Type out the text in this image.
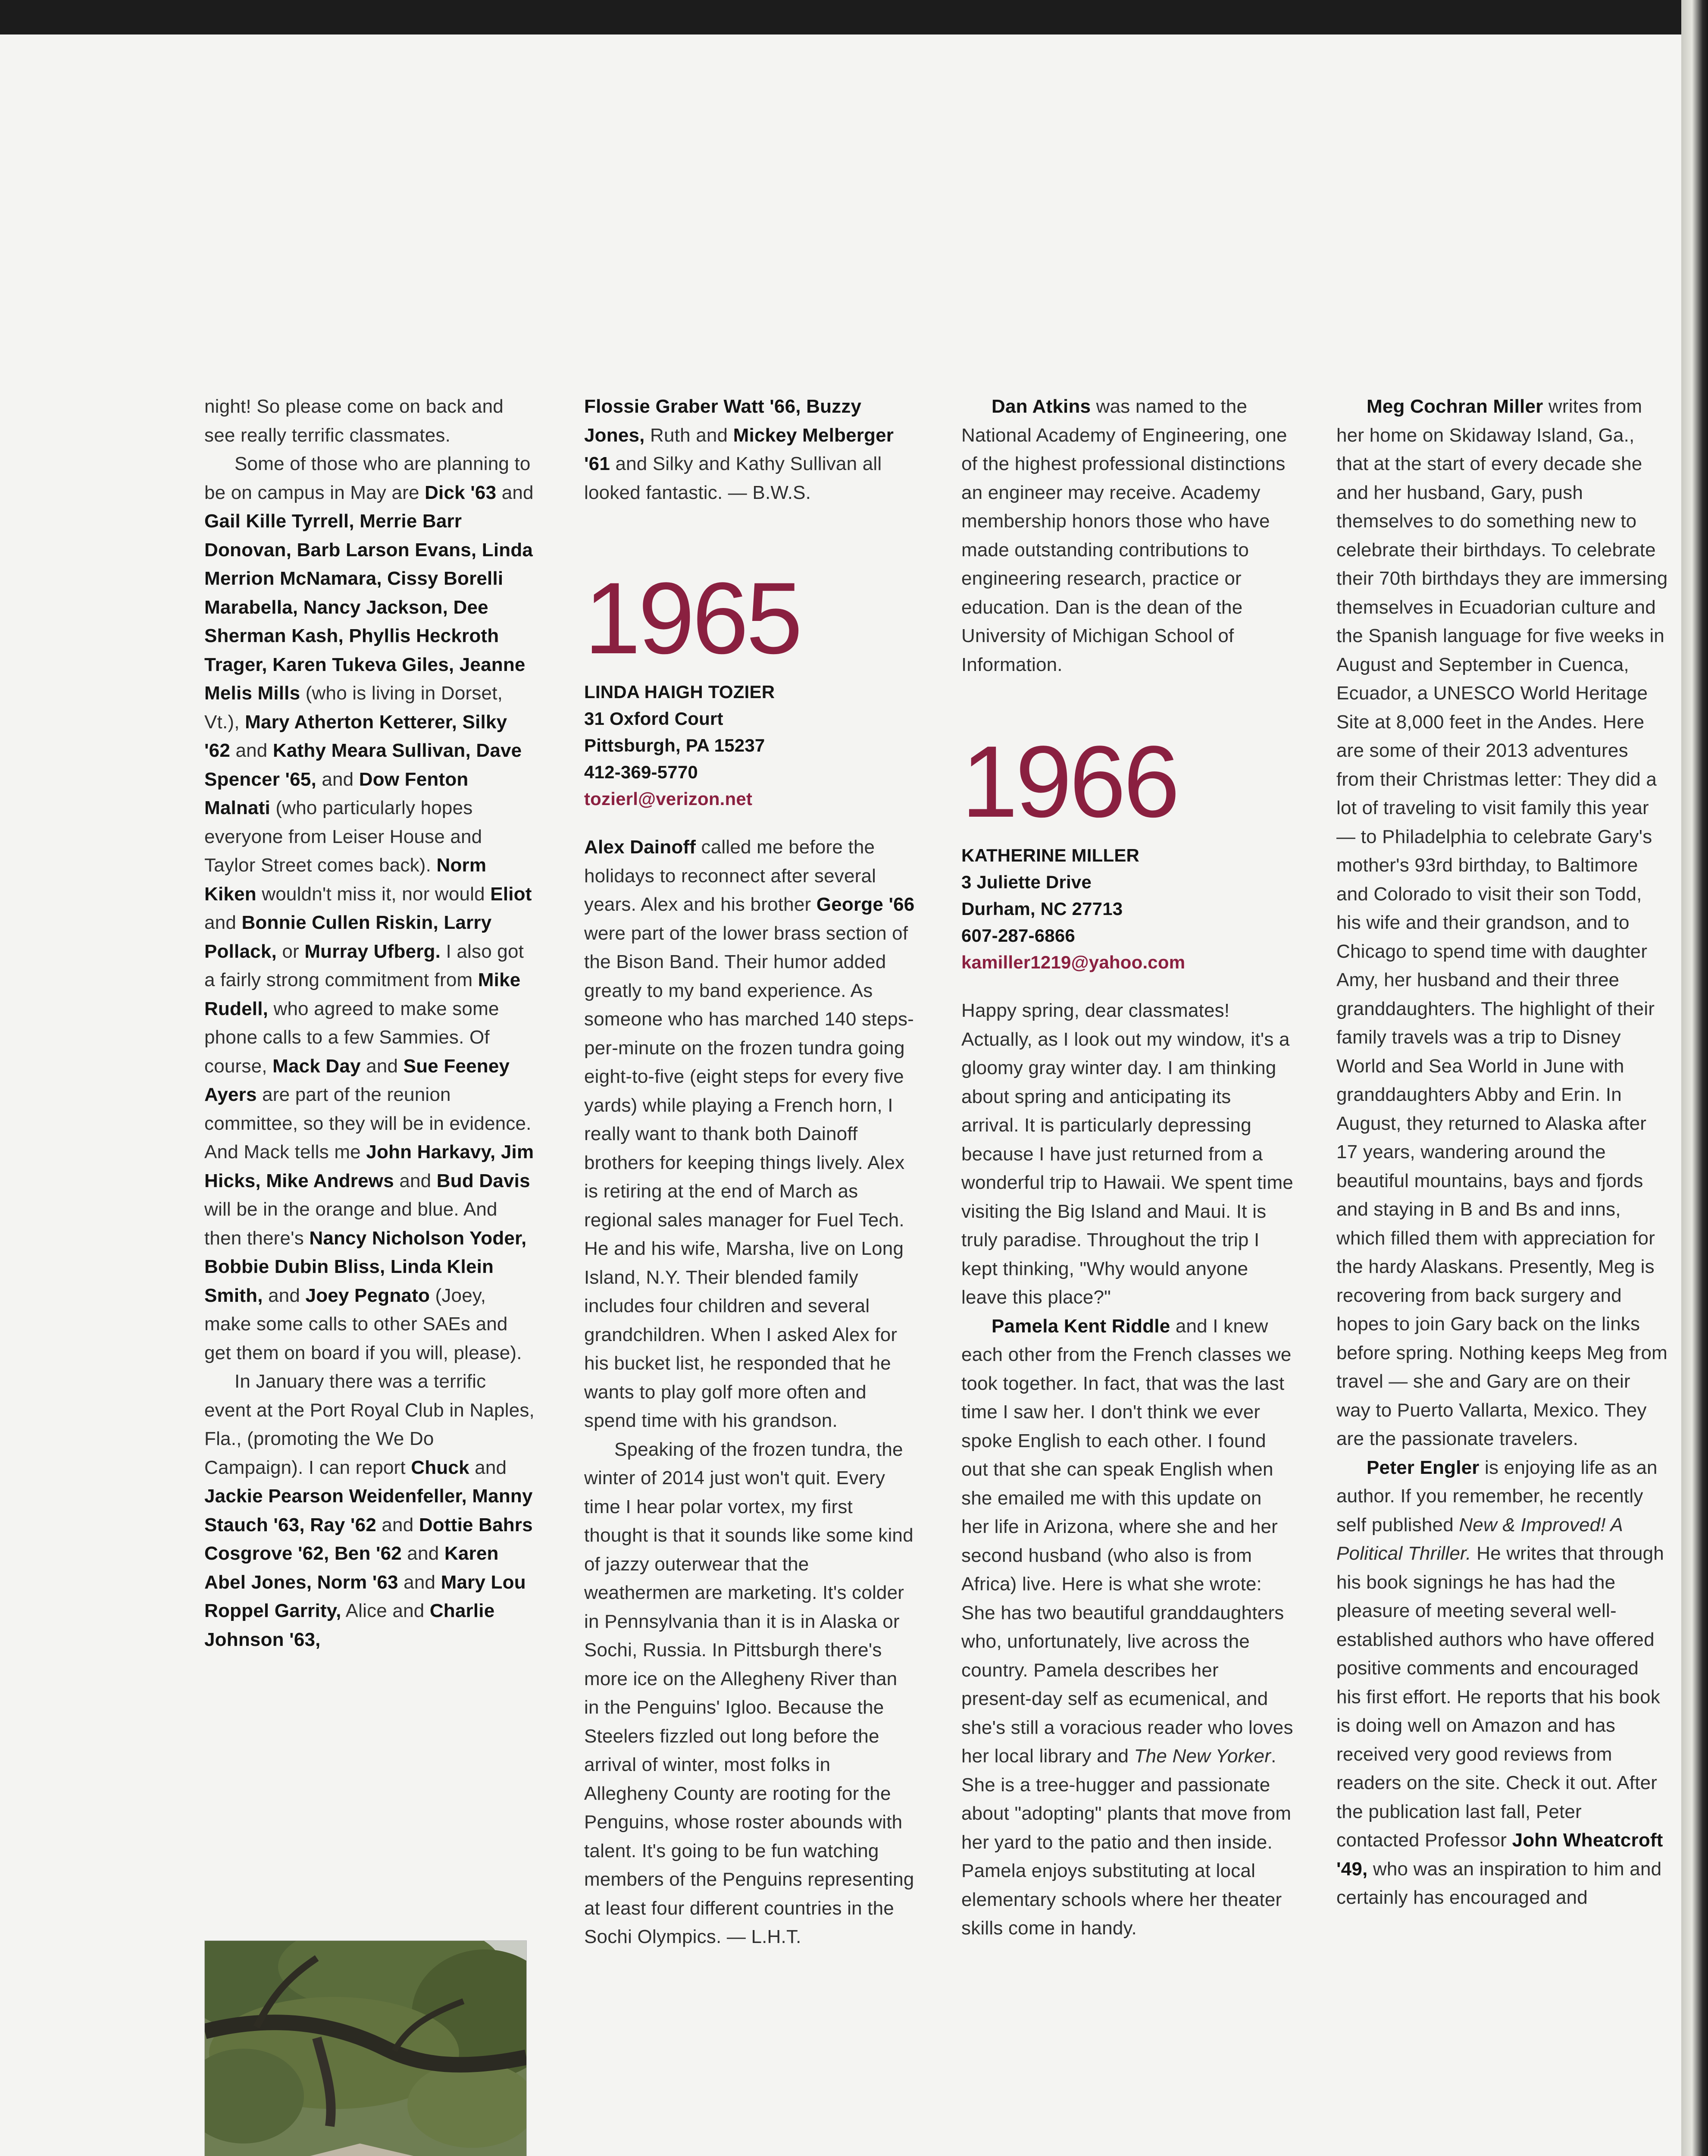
night! So please come on back and see really terrific classmates.

Some of those who are planning to be on campus in May are Dick '63 and Gail Kille Tyrrell, Merrie Barr Donovan, Barb Larson Evans, Linda Merrion McNamara, Cissy Borelli Marabella, Nancy Jackson, Dee Sherman Kash, Phyllis Heckroth Trager, Karen Tukeva Giles, Jeanne Melis Mills (who is living in Dorset, Vt.), Mary Atherton Ketterer, Silky '62 and Kathy Meara Sullivan, Dave Spencer '65, and Dow Fenton Malnati (who particularly hopes everyone from Leiser House and Taylor Street comes back). Norm Kiken wouldn't miss it, nor would Eliot and Bonnie Cullen Riskin, Larry Pollack, or Murray Ufberg. I also got a fairly strong commitment from Mike Rudell, who agreed to make some phone calls to a few Sammies. Of course, Mack Day and Sue Feeney Ayers are part of the reunion committee, so they will be in evidence. And Mack tells me John Harkavy, Jim Hicks, Mike Andrews and Bud Davis will be in the orange and blue. And then there's Nancy Nicholson Yoder, Bobbie Dubin Bliss, Linda Klein Smith, and Joey Pegnato (Joey, make some calls to other SAEs and get them on board if you will, please).

In January there was a terrific event at the Port Royal Club in Naples, Fla., (promoting the We Do Campaign). I can report Chuck and Jackie Pearson Weidenfeller, Manny Stauch '63, Ray '62 and Dottie Bahrs Cosgrove '62, Ben '62 and Karen Abel Jones, Norm '63 and Mary Lou Roppel Garrity, Alice and Charlie Johnson '63,

Flossie Graber Watt '66, Buzzy Jones, Ruth and Mickey Melberger '61 and Silky and Kathy Sullivan all looked fantastic. — B.W.S.

1965
LINDA HAIGH TOZIER
31 Oxford Court
Pittsburgh, PA 15237
412-369-5770
tozierl@verizon.net

Alex Dainoff called me before the holidays to reconnect after several years. Alex and his brother George '66 were part of the lower brass section of the Bison Band. Their humor added greatly to my band experience. As someone who has marched 140 steps-per-minute on the frozen tundra going eight-to-five (eight steps for every five yards) while playing a French horn, I really want to thank both Dainoff brothers for keeping things lively. Alex is retiring at the end of March as regional sales manager for Fuel Tech. He and his wife, Marsha, live on Long Island, N.Y. Their blended family includes four children and several grandchildren. When I asked Alex for his bucket list, he responded that he wants to play golf more often and spend time with his grandson.

Speaking of the frozen tundra, the winter of 2014 just won't quit. Every time I hear polar vortex, my first thought is that it sounds like some kind of jazzy outerwear that the weathermen are marketing. It's colder in Pennsylvania than it is in Alaska or Sochi, Russia. In Pittsburgh there's more ice on the Allegheny River than in the Penguins' Igloo. Because the Steelers fizzled out long before the arrival of winter, most folks in Allegheny County are rooting for the Penguins, whose roster abounds with talent. It's going to be fun watching members of the Penguins representing at least four different countries in the Sochi Olympics. — L.H.T.

Dan Atkins was named to the National Academy of Engineering, one of the highest professional distinctions an engineer may receive. Academy membership honors those who have made outstanding contributions to engineering research, practice or education. Dan is the dean of the University of Michigan School of Information.

1966
KATHERINE MILLER
3 Juliette Drive
Durham, NC 27713
607-287-6866
kamiller1219@yahoo.com

Happy spring, dear classmates! Actually, as I look out my window, it's a gloomy gray winter day. I am thinking about spring and anticipating its arrival. It is particularly depressing because I have just returned from a wonderful trip to Hawaii. We spent time visiting the Big Island and Maui. It is truly paradise. Throughout the trip I kept thinking, "Why would anyone leave this place?"

Pamela Kent Riddle and I knew each other from the French classes we took together. In fact, that was the last time I saw her. I don't think we ever spoke English to each other. I found out that she can speak English when she emailed me with this update on her life in Arizona, where she and her second husband (who also is from Africa) live. Here is what she wrote: She has two beautiful granddaughters who, unfortunately, live across the country. Pamela describes her present-day self as ecumenical, and she's still a voracious reader who loves her local library and The New Yorker. She is a tree-hugger and passionate about "adopting" plants that move from her yard to the patio and then inside. Pamela enjoys substituting at local elementary schools where her theater skills come in handy.

Meg Cochran Miller writes from her home on Skidaway Island, Ga., that at the start of every decade she and her husband, Gary, push themselves to do something new to celebrate their birthdays. To celebrate their 70th birthdays they are immersing themselves in Ecuadorian culture and the Spanish language for five weeks in August and September in Cuenca, Ecuador, a UNESCO World Heritage Site at 8,000 feet in the Andes. Here are some of their 2013 adventures from their Christmas letter: They did a lot of traveling to visit family this year — to Philadelphia to celebrate Gary's mother's 93rd birthday, to Baltimore and Colorado to visit their son Todd, his wife and their grandson, and to Chicago to spend time with daughter Amy, her husband and their three granddaughters. The highlight of their family travels was a trip to Disney World and Sea World in June with granddaughters Abby and Erin. In August, they returned to Alaska after 17 years, wandering around the beautiful mountains, bays and fjords and staying in B and Bs and inns, which filled them with appreciation for the hardy Alaskans. Presently, Meg is recovering from back surgery and hopes to join Gary back on the links before spring. Nothing keeps Meg from travel — she and Gary are on their way to Puerto Vallarta, Mexico. They are the passionate travelers.

Peter Engler is enjoying life as an author. If you remember, he recently self published New & Improved! A Political Thriller. He writes that through his book signings he has had the pleasure of meeting several well-established authors who have offered positive comments and encouraged his first effort. He reports that his book is doing well on Amazon and has received very good reviews from readers on the site. Check it out. After the publication last fall, Peter contacted Professor John Wheatcroft '49, who was an inspiration to him and certainly has encouraged and
